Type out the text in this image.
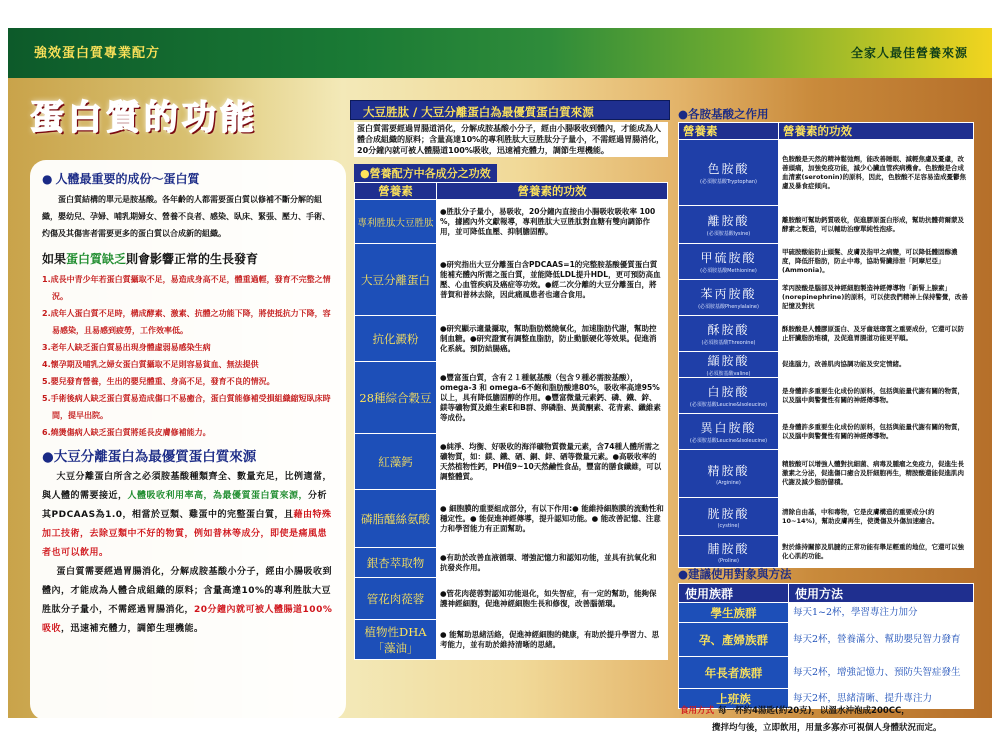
強效蛋白質專業配方	全家人最佳營養來源
蛋白質的功能
● 人體最重要的成份～蛋白質

蛋白質結構的單元是胺基酸。各年齡的人都需要蛋白質以修補不斷分解的組織，嬰幼兒、孕婦、哺乳期婦女、營養不良者、感染、臥床、緊張、壓力、手術、灼傷及其傷害者需要更多的蛋白質以合成新的組織。

如果蛋白質缺乏則會影響正常的生長發育
1.成長中青少年若蛋白質攝取不足，易造成身高不足，體重過輕，發育不完整之情況。
2.成年人蛋白質不足時，構成酵素、激素、抗體之功能下降，將使抵抗力下降，容易感染，且易感到疲勞，工作效率低。
3.老年人缺乏蛋白質易出現身體虛弱易感染生病
4.懷孕期及哺乳之婦女蛋白質攝取不足則容易貧血、無法提供
5.嬰兒發育營養，生出的嬰兒體重、身高不足，發育不良的情況。
5.手術後病人缺乏蛋白質易造成傷口不易癒合，蛋白質能修補受損組織縮短臥床時間，提早出院。
6.燒燙傷病人缺乏蛋白質將延長皮膚修補能力。
●大豆分離蛋白為最優質蛋白質來源

大豆分離蛋白所含之必須胺基酸種類齊全、數量充足，比例適當，與人體的需要接近，人體吸收利用率高，為最優質蛋白質來源，分析其PDCAAS為1.0，相當於豆類、雞蛋中的完整蛋白質，且藉由特殊加工技術，去除豆類中不好的物質，例如普林等成分，即使是痛風患者也可以飲用。

蛋白質需要經過胃腸消化，分解成胺基酸小分子，經由小腸吸收到體內，才能成為人體合成組織的原料；含量高達10%的專利胜肽大豆胜肽分子量小，不需經過胃腸消化，20分鐘內就可被人體腸道100%吸收，迅速補充體力，調節生理機能。

大豆胜肽 / 大豆分離蛋白為最優質蛋白質來源
蛋白質需要經過胃腸道消化，分解成胺基酸小分子，經由小腸吸收到體內，才能成為人體合成組織的原料；含量高達10%的專利胜肽大豆胜肽分子量小，不需經過胃腸消化，20分鐘內就可被人體腸道100%吸收，迅速補充體力，調節生理機能。
●營養配方中各成分之功效
營養素	營養素的功效
專利胜肽大豆胜肽	●胜肽分子量小，易吸收，20分鐘內直接由小腸吸收吸收率 100 %，據國內外文獻報導，專利胜肽大豆胜肽對血糖有雙向調節作用，並可降低血壓、抑制膽固醇。
大豆分離蛋白	●研究指出大豆分離蛋白含PDCAAS=1的完整胺基酸優質蛋白質能補充體內所需之蛋白質，並能降低LDL提升HDL，更可預防高血壓、心血管疾病及癌症等功效。●經二次分離的大豆分離蛋白，將普賀和普林去除，因此痛風患者也適合食用。
抗化澱粉	●研究顯示適量攝取，幫助脂肪燃燒氧化，加速脂肪代謝，幫助控制血糖。●研究證實有調整血脂肪，防止動脈硬化等效果。促進消化系統。預防結腸癌。
28種綜合穀豆	●豐富蛋白質，含有２１種氨基酸（包含９種必需胺基酸），omega-3 和 omega-6不飽和脂肪酸達80%，吸收率高達95%以上，具有降低膽固醇的作用。●豐富微量元素鈣、磷、鐵、鋅、鎂等礦物質及維生素E和B群、卵磷脂、異黃酮素、花青素、纖維素等成份。
紅藻鈣	●純淨、均衡、好吸收的海洋礦物質微量元素，含74種人體所需之礦物質，如：鎂、鐵、硒、銅、鋅、硒等微量元素。●高吸收率的天然植物性鈣，PH值9~10天然鹼性食品，豐富的膳食纖維，可以調整體質。
磷脂醯絲氨酸	● 細胞膜的重要組成部分，有以下作用:● 能維持細胞膜的流動性和穩定性。● 能促進神經傳導，提升認知功能。● 能改善記憶、注意力和學習能力有正面幫助。
銀杏萃取物	●有助於改善血液循環、增強記憶力和認知功能，並具有抗氧化和抗發炎作用。
管花肉蓯蓉	●管花肉蓯蓉對認知功能退化，如失智症，有一定的幫助，能夠保護神經細胞，促進神經細胞生長和修復，改善腦循環。
植物性DHA「藻油」	● 能幫助思緒活絡，促進神經細胞的健康，有助於提升學習力、思考能力，並有助於維持清晰的思緒。
●各胺基酸之作用
營養素	營養素的功效

色胺酸
(必須胺基酸Tryptophan)	色胺酸是天然的精神鬆弛劑，能改善睡眠、減輕焦慮及憂慮，改善頭痛，加強免疫功能，減少心臟血管疾病機會。色胺酸是合成血清素(serotonin)的原料，因此，色胺酸不足容易造成憂鬱焦慮及暴食症傾向。

離胺酸
(必須胺基酸lysine)	離胺酸可幫助鈣質吸收，促進膠原蛋白形成，幫助抗體荷爾蒙及酵素之製造，可以輔助治療單純性泡疹。

甲硫胺酸
(必須胺基酸Methionine)	甲硫胺酸能防止頭髮、皮膚及指甲之病變，可以降低體固醇濃度，降低肝脂肪，防止中毒，協助腎臟排泄「阿摩尼亞」(Ammonia)。

苯丙胺酸
(必須胺基酸Phenylalaine)	苯丙胺酸是腦部及神經細胞製造神經傳導物「新腎上腺素」(norepinephrine)的原料，可以使我們精神上保持警覺，改善記憶及對抗

酥胺酸
(必須胺基酸Threonine)	酥胺酸是人體膠原蛋白、及牙齒琺瑯質之重要成份，它還可以防止肝臟脂肪堆積，及促進胃腸道功能更平順。

纈胺酸
(必須胺基酸valine)	促進腦力，改善肌肉協調功能及安定情緒。

白胺酸
(必須胺基酸Leucine&Isoleucine)	是身體許多重要生化成份的原料，包括與能量代謝有關的物質，以及腦中與警覺性有關的神經傳導物。

異白胺酸
(必須胺基酸Leucine&Isoleucine)	是身體許多重要生化成份的原料，包括與能量代謝有關的物質，以及腦中與警覺性有關的神經傳導物。

精胺酸
(Arginine)	精胺酸可以增強人體對抗細菌、病毒及腫瘤之免疫力，促進生長激素之分泌，促進傷口癒合及肝細胞再生，精胺酸還能促進肌肉代謝及減少脂肪儲積。

胱胺酸
(cystine)	清除自由基，中和毒物，它是皮膚構造的重要成分(約10~14%)，幫助皮膚再生，使燙傷及外傷加速癒合。

脯胺酸
(Proline)	對於維持關節及肌腱的正常功能有舉足輕重的地位，它還可以強化心肌的功能。
●建議使用對象與方法
使用族群	使用方法
學生族群	每天1~2杯，學習專注力加分
孕、產婦族群	每天2杯，營養滿分、幫助嬰兒智力發育
年長者族群	每天2杯，增強記憶力、預防失智症發生
上班族	每天2杯，思緒清晰、提升專注力
食用方式 每一杯約4湯匙(約20克)，以溫水沖泡成200CC，
攪拌均勻後，立即飲用，用量多寡亦可視個人身體狀況而定。
